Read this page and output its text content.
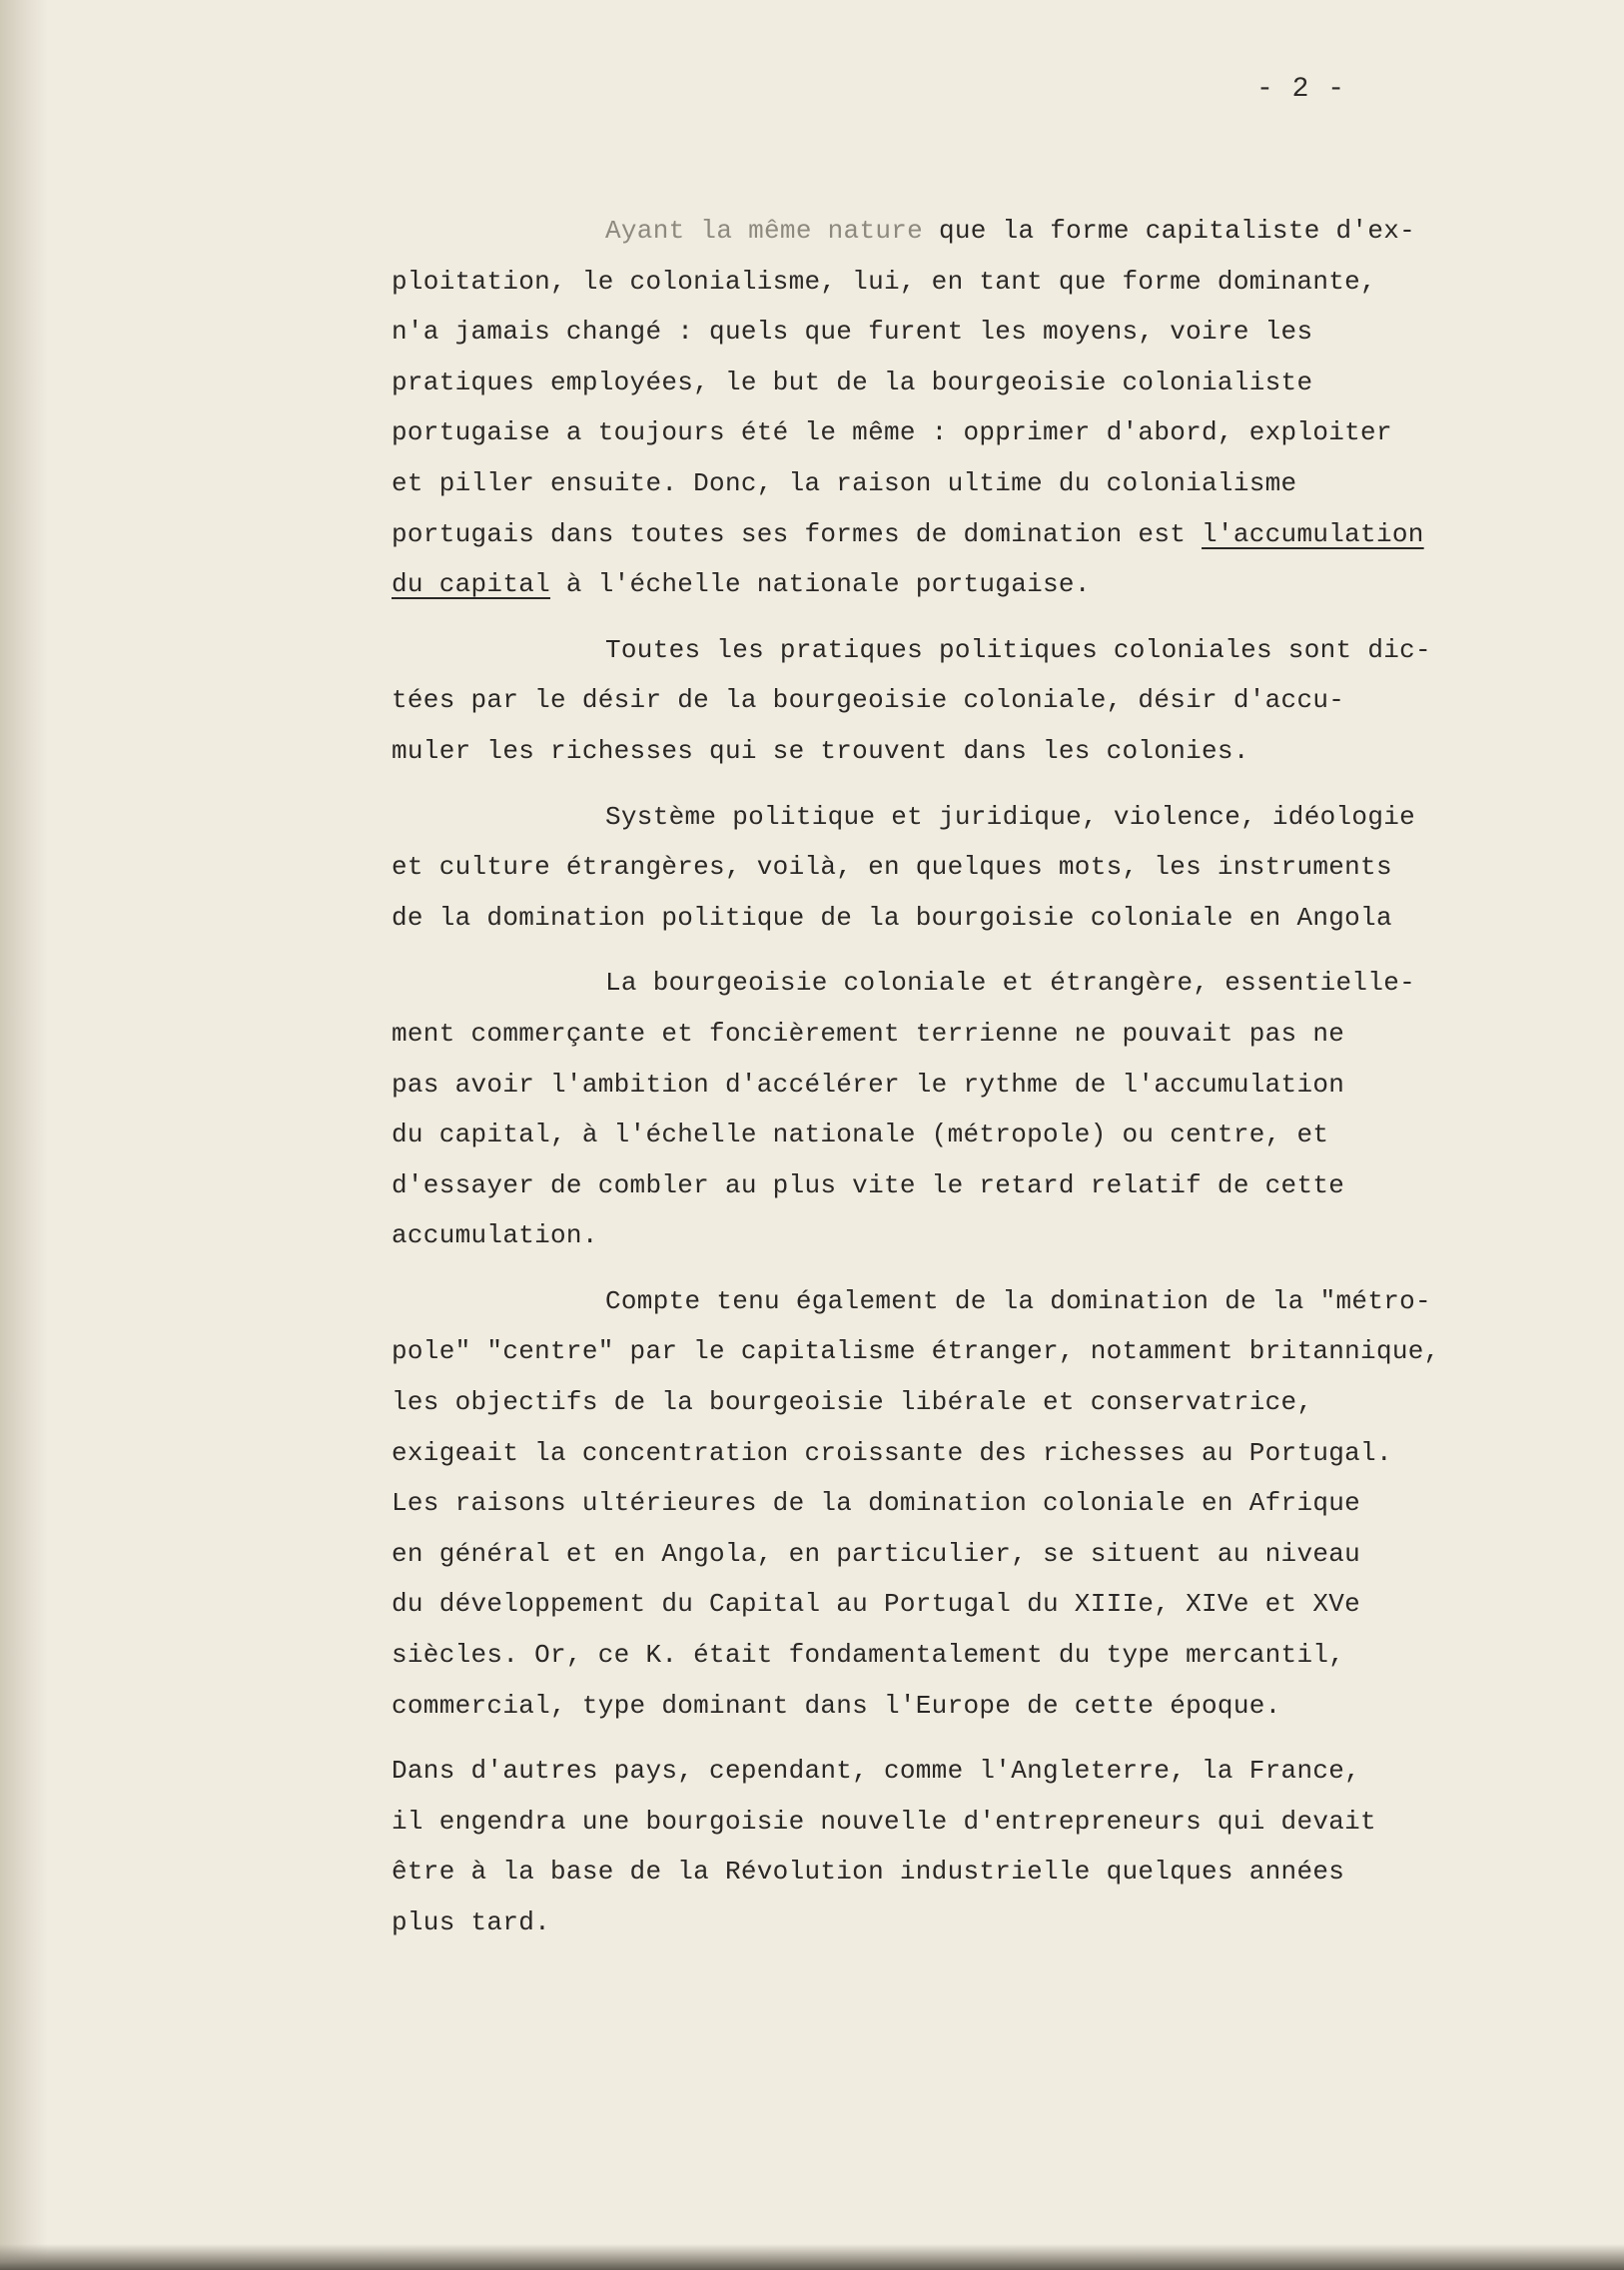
- 2 -
Ayant la même nature que la forme capitaliste d'ex-
ploitation, le colonialisme, lui, en tant que forme dominante,
n'a jamais changé : quels que furent les moyens, voire les
pratiques employées, le but de la bourgeoisie colonialiste
portugaise a toujours été le même : opprimer d'abord, exploiter
et piller ensuite. Donc, la raison ultime du colonialisme
portugais dans toutes ses formes de domination est l'accumulation
du capital à l'échelle nationale portugaise.
Toutes les pratiques politiques coloniales sont dic-
tées par le désir de la bourgeoisie coloniale, désir d'accu-
muler les richesses qui se trouvent dans les colonies.
Système politique et juridique, violence, idéologie
et culture étrangères, voilà, en quelques mots, les instruments
de la domination politique de la bourgoisie coloniale en Angola
La bourgeoisie coloniale et étrangère, essentielle-
ment commerçante et foncièrement terrienne ne pouvait pas ne
pas avoir l'ambition d'accélérer le rythme de l'accumulation
du capital, à l'échelle nationale (métropole) ou centre, et
d'essayer de combler au plus vite le retard relatif de cette
accumulation.
Compte tenu également de la domination de la "métro-
pole" "centre" par le capitalisme étranger, notamment britannique,
les objectifs de la bourgeoisie libérale et conservatrice,
exigeait la concentration croissante des richesses au Portugal.
Les raisons ultérieures de la domination coloniale en Afrique
en général et en Angola, en particulier, se situent au niveau
du développement du Capital au Portugal du XIIIe, XIVe et XVe
siècles. Or, ce K. était fondamentalement du type mercantil,
commercial, type dominant dans l'Europe de cette époque.
Dans d'autres pays, cependant, comme l'Angleterre, la France,
il engendra une bourgoisie nouvelle d'entrepreneurs qui devait
être à la base de la Révolution industrielle quelques années
plus tard.
